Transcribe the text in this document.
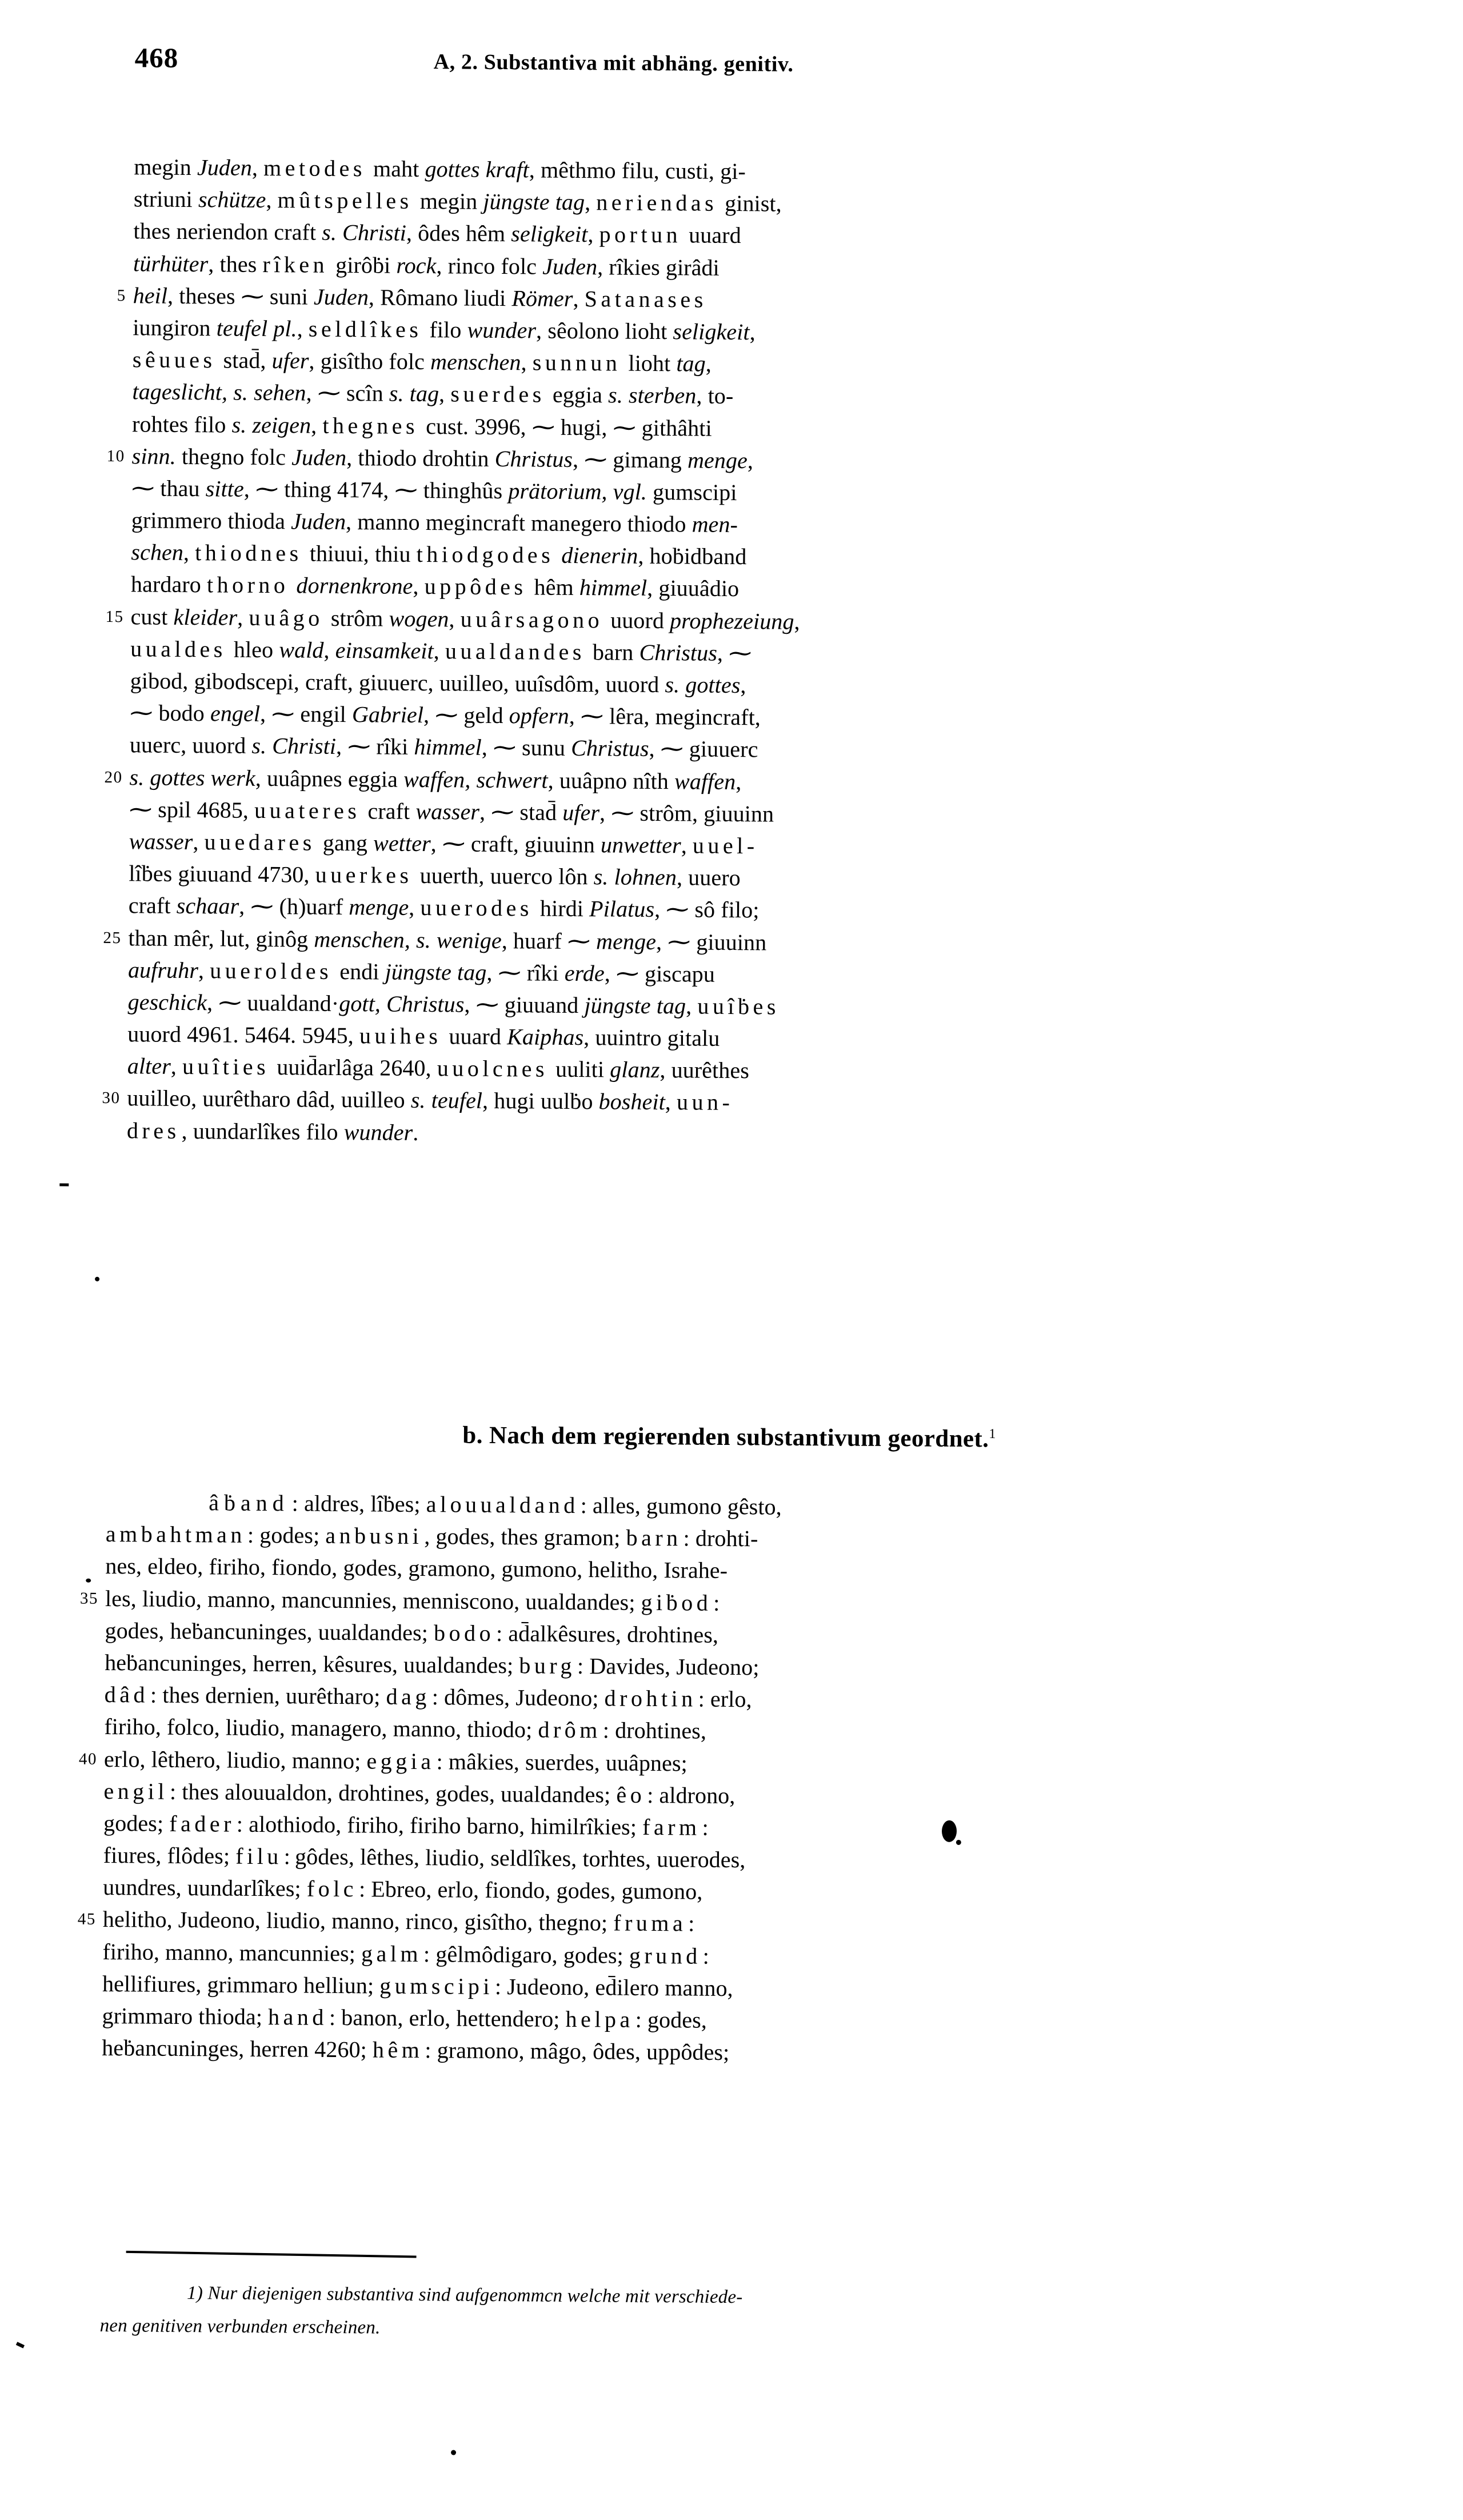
468	A, 2. Substantiva mit abhäng. genitiv.
megin Juden, metodes maht gottes kraft, mêthmo filu, custi, gi-
striuni schütze, mûtspelles megin jüngste tag, neriendas ginist,
thes neriendon craft s. Christi, ôdes hêm seligkeit, portun uuard
türhüter, thes rîken girôḃi rock, rinco folc Juden, rîkies girâdi
5 heil, theses ⁓ suni Juden, Rômano liudi Römer, Satanases
iungiron teufel pl., seldlîkes filo wunder, sêolono lioht seligkeit,
sêuues stad̄, ufer, gisîtho folc menschen, sunnun lioht tag,
tageslicht, s. sehen, ⁓ scîn s. tag, suerdes eggia s. sterben, to-
rohtes filo s. zeigen, thegnes cust. 3996, ⁓ hugi, ⁓ githâhti
10 sinn. thegno folc Juden, thiodo drohtin Christus, ⁓ gimang menge,
⁓ thau sitte, ⁓ thing 4174, ⁓ thinghûs prätorium, vgl. gumscipi
grimmero thioda Juden, manno megincraft manegero thiodo men-
schen, thiodnes thiuui, thiu thiodgodes dienerin, hoḃidband
hardaro thorno dornenkrone, uppôdes hêm himmel, giuuâdio
15 cust kleider, uuâgo strôm wogen, uuârsagono uuord prophezeiung,
uualdes hleo wald, einsamkeit, uualdandes barn Christus, ⁓
gibod, gibodscepi, craft, giuuerc, uuilleo, uuîsdôm, uuord s. gottes,
⁓ bodo engel, ⁓ engil Gabriel, ⁓ geld opfern, ⁓ lêra, megincraft,
uuerc, uuord s. Christi, ⁓ rîki himmel, ⁓ sunu Christus, ⁓ giuuerc
20 s. gottes werk, uuâpnes eggia waffen, schwert, uuâpno nîth waffen,
⁓ spil 4685, uuateres craft wasser, ⁓ stad̄ ufer, ⁓ strôm, giuuinn
wasser, uuedares gang wetter, ⁓ craft, giuuinn unwetter, uuel-
lîḃes giuuand 4730, uuerkes uuerth, uuerco lôn s. lohnen, uuero
craft schaar, ⁓ (h)uarf menge, uuerodes hirdi Pilatus, ⁓ sô filo;
25 than mêr, lut, ginôg menschen, s. wenige, huarf ⁓ menge, ⁓ giuuinn
aufruhr, uueroldes endi jüngste tag, ⁓ rîki erde, ⁓ giscapu
geschick, ⁓ uualdand·gott, Christus, ⁓ giuuand jüngste tag, uuîḃes
uuord 4961. 5464. 5945, uuihes uuard Kaiphas, uuintro gitalu
alter, uuîties uuid̄arlâga 2640, uuolcnes uuliti glanz, uurêthes
30 uuilleo, uurêtharo dâd, uuilleo s. teufel, hugi uulḃo bosheit, uun-
dres, uundarlîkes filo wunder.
b. Nach dem regierenden substantivum geordnet.$^1$
âḃand : aldres, lîḃes; alouualdand: alles, gumono gêsto,
ambahtman: godes; anbusni, godes, thes gramon; barn: drohti-
nes, eldeo, firiho, fiondo, godes, gramono, gumono, helitho, Israhe-
35 les, liudio, manno, mancunnies, menniscono, uualdandes; giḃod:
godes, heḃancuninges, uualdandes; bodo: ad̄alkêsures, drohtines,
heḃancuninges, herren, kêsures, uualdandes; burg: Davides, Judeono;
dâd: thes dernien, uurêtharo; dag: dômes, Judeono; drohtin: erlo,
firiho, folco, liudio, managero, manno, thiodo; drôm: drohtines,
40 erlo, lêthero, liudio, manno; eggia: mâkies, suerdes, uuâpnes;
engil: thes alouualdon, drohtines, godes, uualdandes; êo: aldrono,
godes; fader: alothiodo, firiho, firiho barno, himilrîkies; farm:
fiures, flôdes; filu: gôdes, lêthes, liudio, seldlîkes, torhtes, uuerodes,
uundres, uundarlîkes; folc: Ebreo, erlo, fiondo, godes, gumono,
45 helitho, Judeono, liudio, manno, rinco, gisîtho, thegno; fruma:
firiho, manno, mancunnies; galm: gêlmôdigaro, godes; grund:
hellifiures, grimmaro helliun; gumscipi: Judeono, ed̄ilero manno,
grimmaro thioda; hand: banon, erlo, hettendero; helpa: godes,
heḃancuninges, herren 4260; hêm: gramono, mâgo, ôdes, uppôdes;
1) Nur diejenigen substantiva sind aufgenommcn welche mit verschiede-
nen genitiven verbunden erscheinen.
